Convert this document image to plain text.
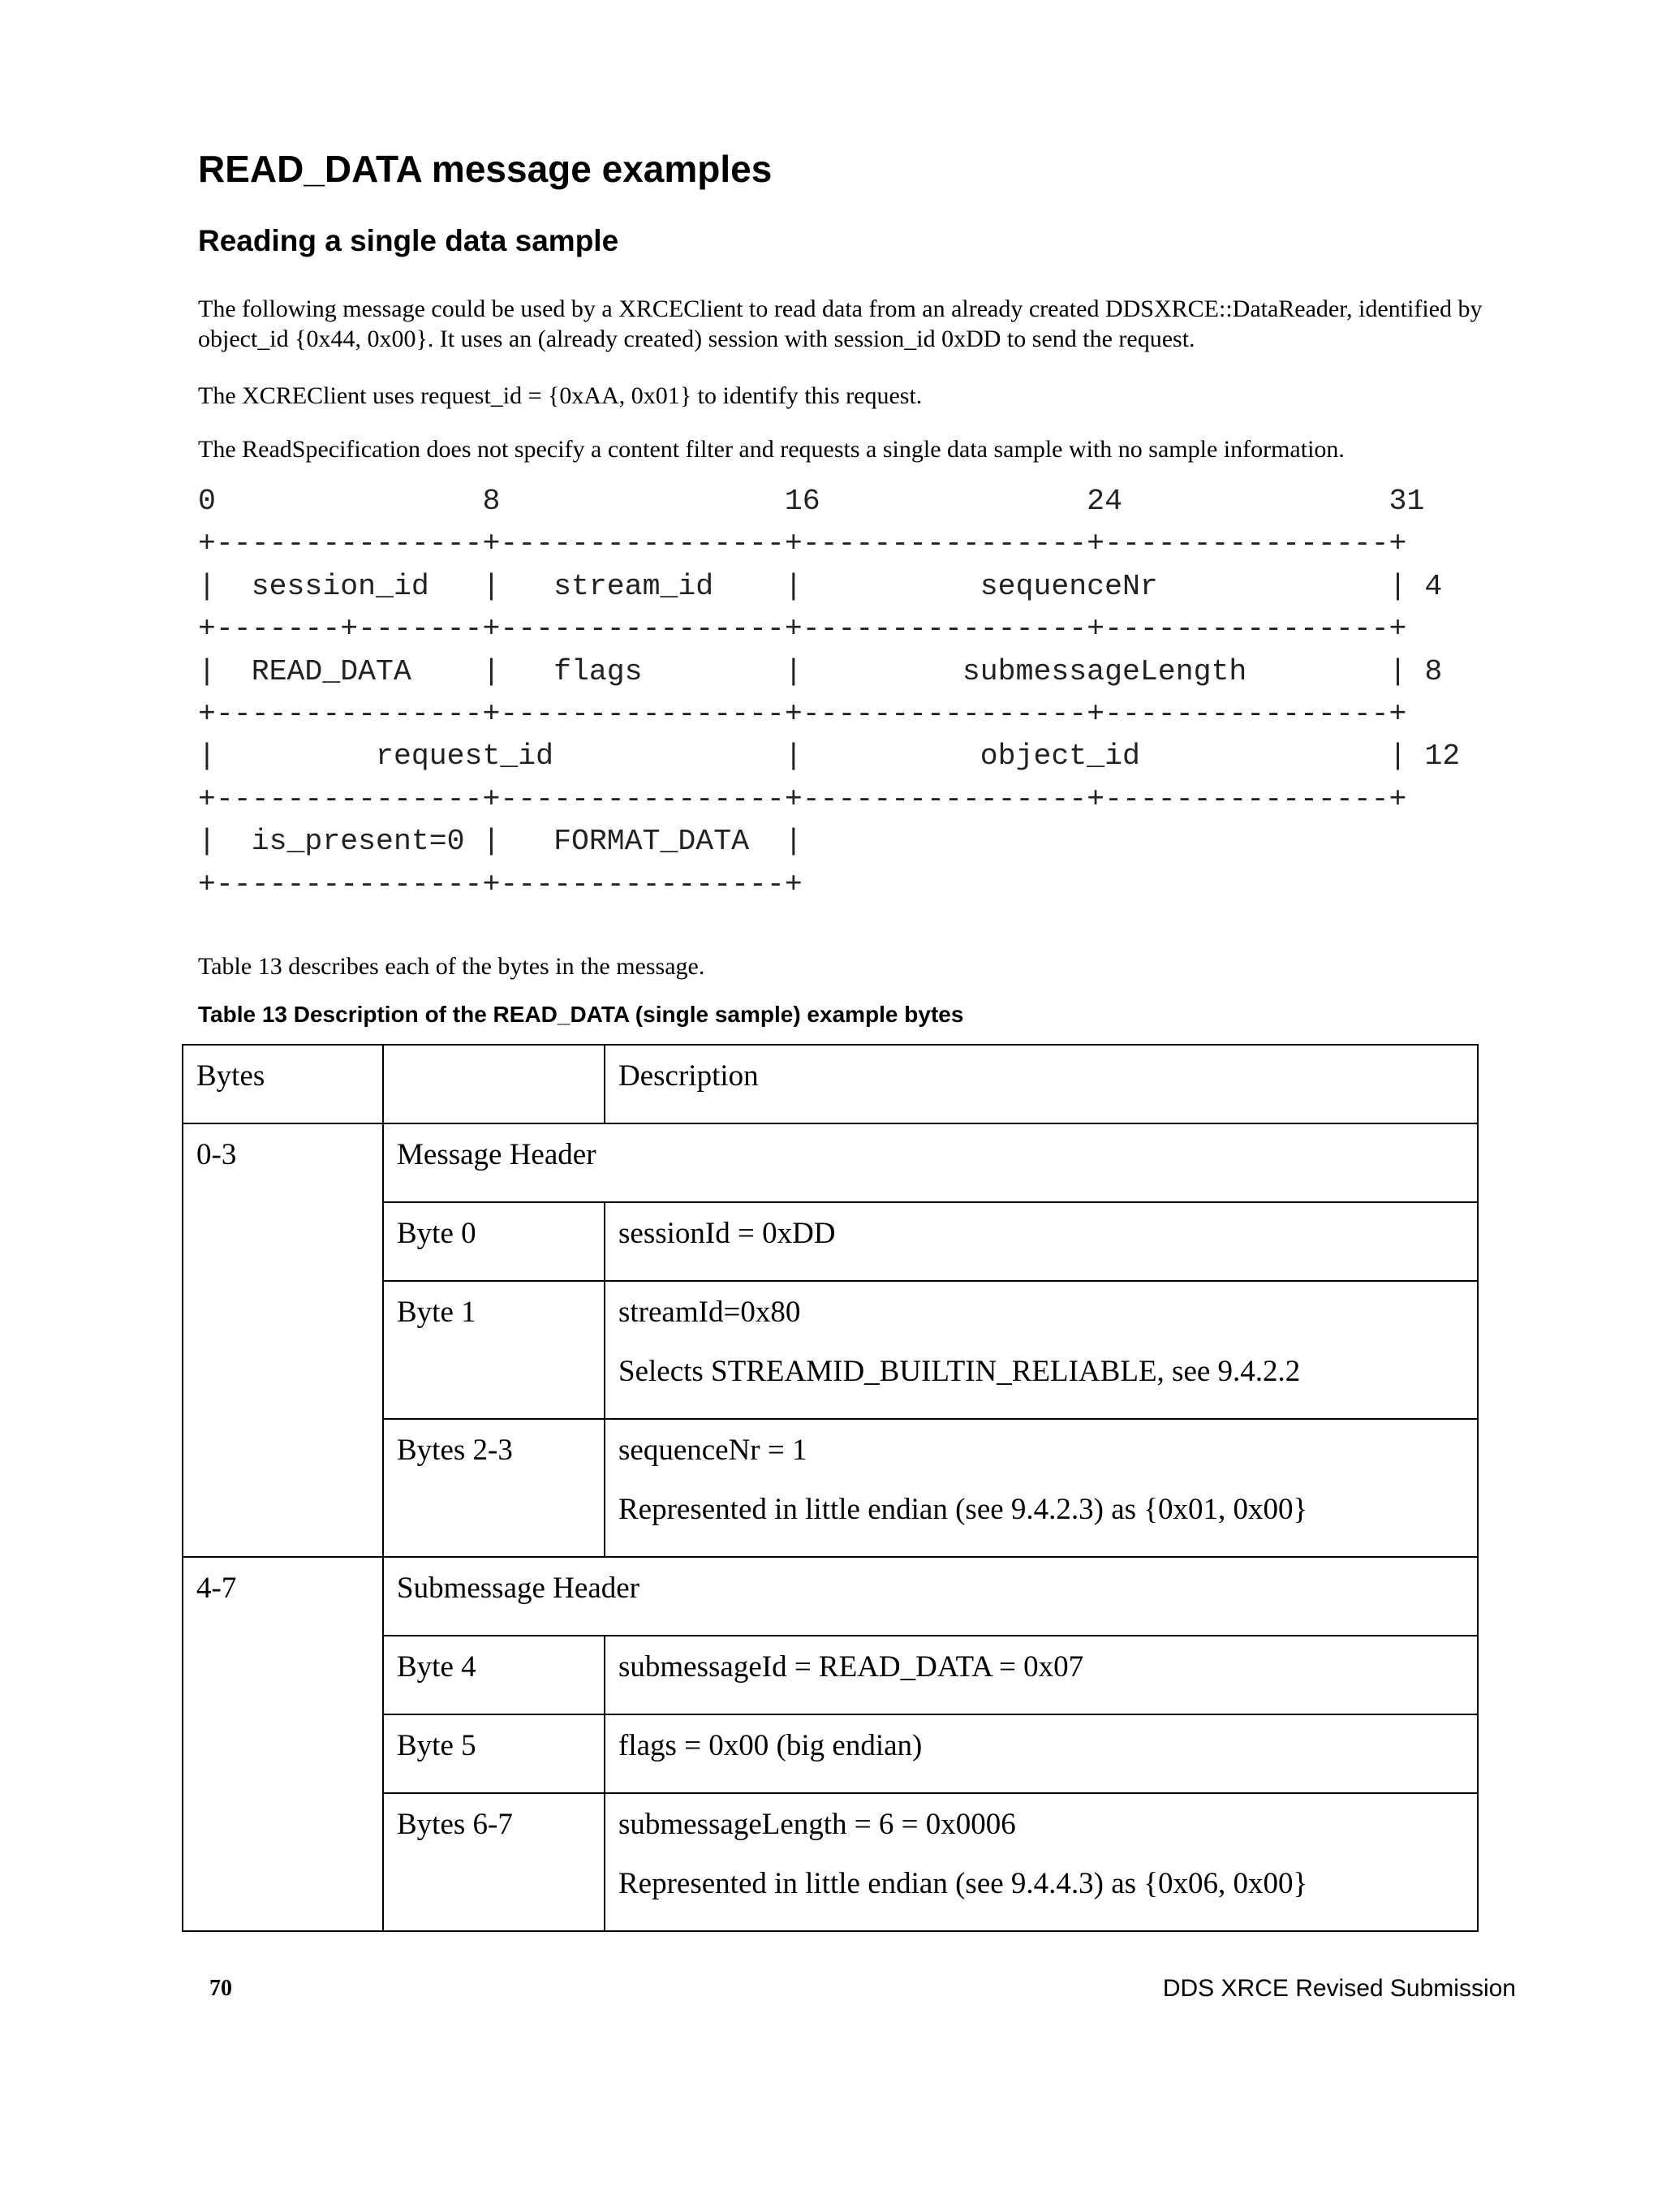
READ_DATA message examples
Reading a single data sample

The following message could be used by a XRCEClient to read data from an already created DDSXRCE::DataReader, identified by object_id {0x44, 0x00}. It uses an (already created) session with session_id 0xDD to send the request.

The XCREClient uses request_id = {0xAA, 0x01} to identify this request.

The ReadSpecification does not specify a content filter and requests a single data sample with no sample information.

0               8                16               24               31
+---------------+----------------+----------------+----------------+
|  session_id   |   stream_id    |          sequenceNr             | 4
+-------+-------+----------------+----------------+----------------+
|  READ_DATA    |   flags        |         submessageLength        | 8
+---------------+----------------+----------------+----------------+
|         request_id             |          object_id              | 12
+---------------+----------------+----------------+----------------+
|  is_present=0 |   FORMAT_DATA  |
+---------------+----------------+

Table 13 describes each of the bytes in the message.

Table 13 Description of the READ_DATA (single sample) example bytes

Bytes		Description
0-3	Message Header	
	Byte 0	sessionId = 0xDD
	Byte 1	streamId=0x80
Selects STREAMID_BUILTIN_RELIABLE, see 9.4.2.2

	Bytes 2-3	sequenceNr = 1
Represented in little endian (see 9.4.2.3) as {0x01, 0x00}

4-7	Submessage Header	
	Byte 4	submessageId = READ_DATA = 0x07
	Byte 5	flags = 0x00 (big endian)
	Bytes 6-7	submessageLength = 6 = 0x0006
Represented in little endian (see 9.4.4.3) as {0x06, 0x00}

70	DDS XRCE Revised Submission
